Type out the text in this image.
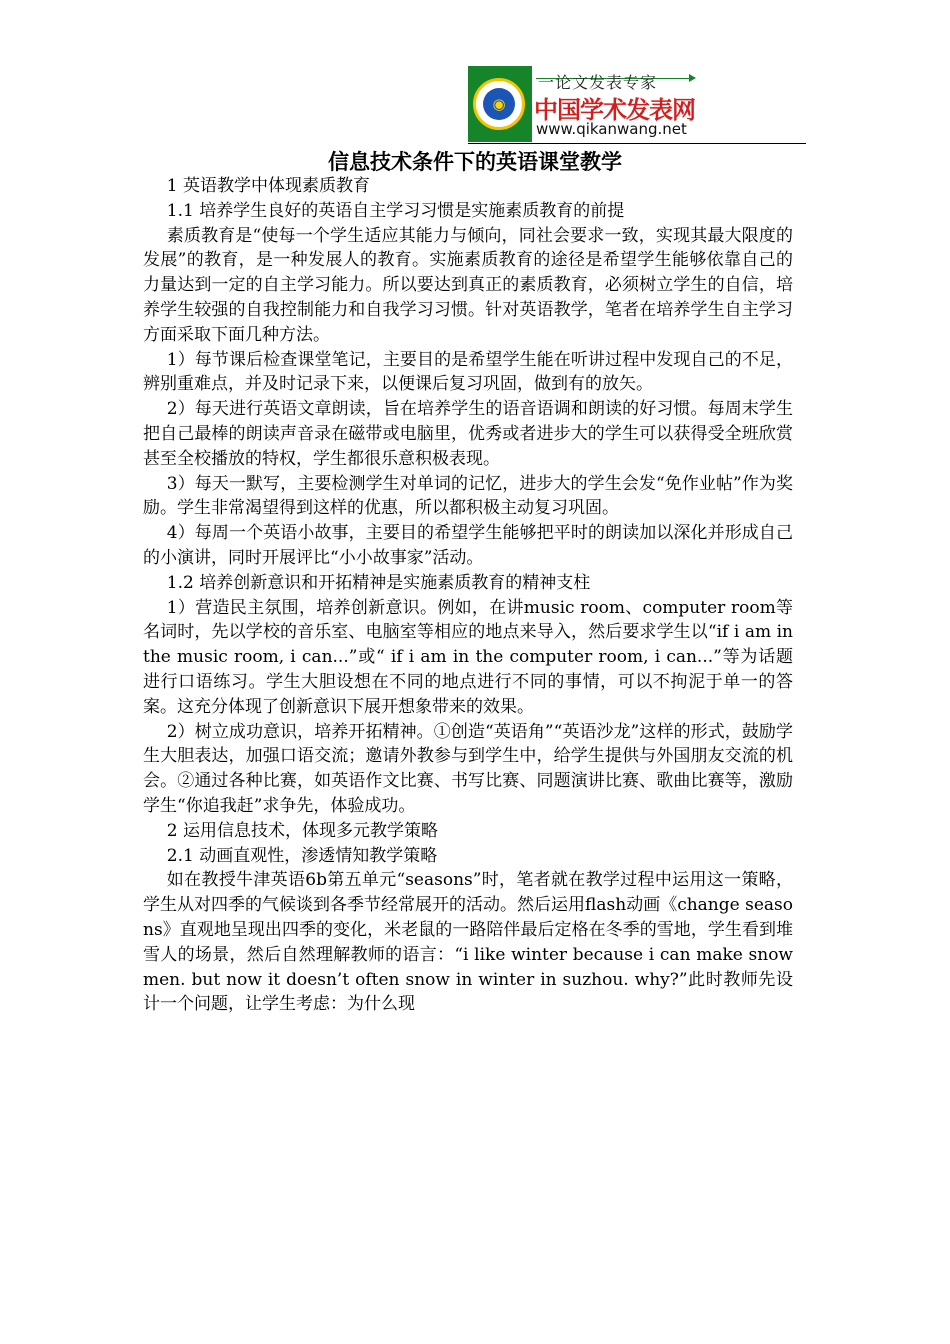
◉
一论文发表专家
中国学术发表网
www.qikanwang.net
信息技术条件下的英语课堂教学

1 英语教学中体现素质教育

1.1 培养学生良好的英语自主学习习惯是实施素质教育的前提

素质教育是“使每一个学生适应其能力与倾向，同社会要求一致，实现其最大限度的发展”的教育，是一种发展人的教育。实施素质教育的途径是希望学生能够依靠自己的力量达到一定的自主学习能力。所以要达到真正的素质教育，必须树立学生的自信，培养学生较强的自我控制能力和自我学习习惯。针对英语教学，笔者在培养学生自主学习方面采取下面几种方法。

1）每节课后检查课堂笔记，主要目的是希望学生能在听讲过程中发现自己的不足，辨别重难点，并及时记录下来，以便课后复习巩固，做到有的放矢。

2）每天进行英语文章朗读，旨在培养学生的语音语调和朗读的好习惯。每周末学生把自己最棒的朗读声音录在磁带或电脑里，优秀或者进步大的学生可以获得受全班欣赏甚至全校播放的特权，学生都很乐意积极表现。

3）每天一默写，主要检测学生对单词的记忆，进步大的学生会发“免作业帖”作为奖励。学生非常渴望得到这样的优惠，所以都积极主动复习巩固。

4）每周一个英语小故事，主要目的希望学生能够把平时的朗读加以深化并形成自己的小演讲，同时开展评比“小小故事家”活动。

1.2 培养创新意识和开拓精神是实施素质教育的精神支柱

1）营造民主氛围，培养创新意识。例如，在讲music room、computer room等名词时，先以学校的音乐室、电脑室等相应的地点来导入，然后要求学生以“if i am in the music room, i can...”或“ if i am in the computer room, i can...”等为话题进行口语练习。学生大胆设想在不同的地点进行不同的事情，可以不拘泥于单一的答案。这充分体现了创新意识下展开想象带来的效果。

2）树立成功意识，培养开拓精神。①创造“英语角”“英语沙龙”这样的形式，鼓励学生大胆表达，加强口语交流；邀请外教参与到学生中，给学生提供与外国朋友交流的机会。②通过各种比赛，如英语作文比赛、书写比赛、同题演讲比赛、歌曲比赛等，激励学生“你追我赶”求争先，体验成功。

2 运用信息技术，体现多元教学策略

2.1 动画直观性，渗透情知教学策略

如在教授牛津英语6b第五单元“seasons”时，笔者就在教学过程中运用这一策略，学生从对四季的气候谈到各季节经常展开的活动。然后运用flash动画《change seasons》直观地呈现出四季的变化，米老鼠的一路陪伴最后定格在冬季的雪地，学生看到堆雪人的场景，然后自然理解教师的语言：“i like winter because i can make snowmen. but now it doesn’t often snow in winter in suzhou. why?”此时教师先设计一个问题，让学生考虑：为什么现
